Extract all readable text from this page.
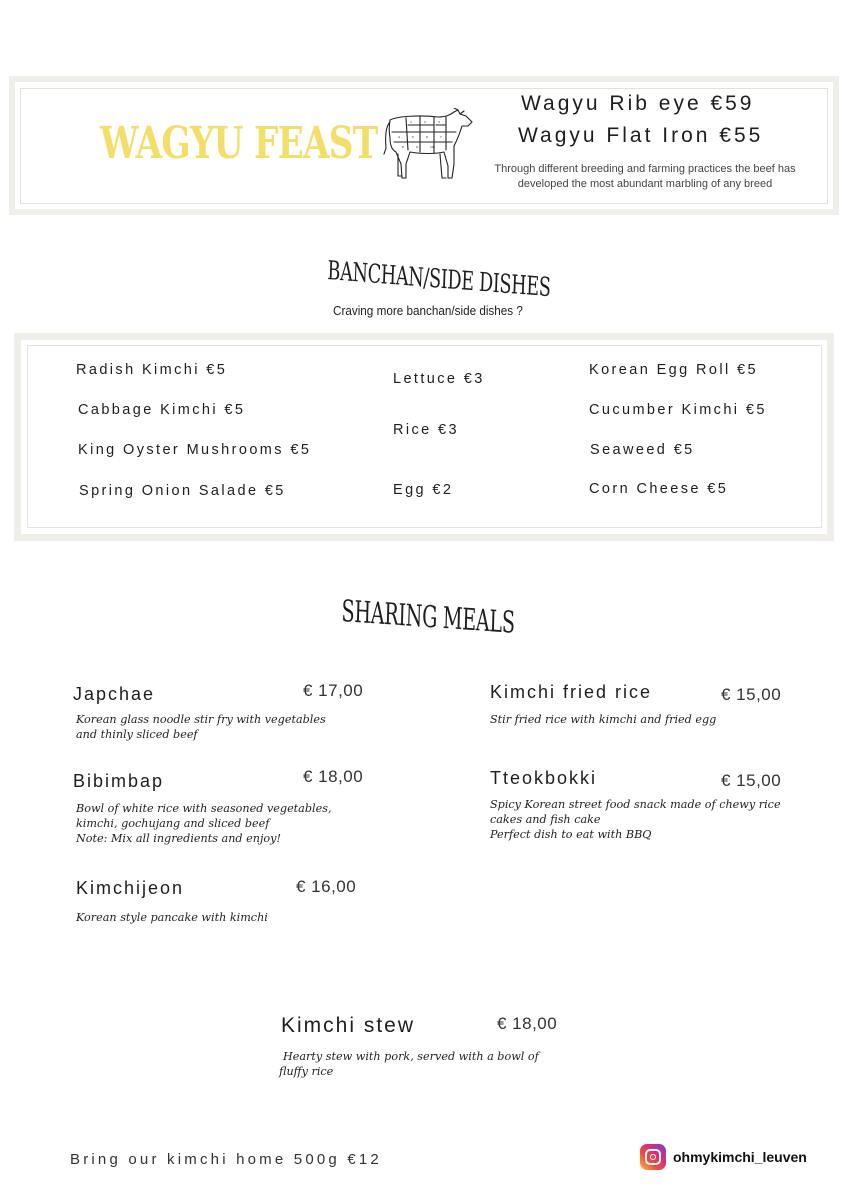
WAGYU FEAST	1	2	3
4	5	6	7
8	9	10
Wagyu Rib eye €59
Wagyu Flat Iron €55
Through different breeding and farming practices the beef has developed the most abundant marbling of any breed
BANCHAN/SIDE DISHES
Craving more banchan/side dishes ?
Radish Kimchi €5
Cabbage Kimchi €5
King Oyster Mushrooms €5
Spring Onion Salade €5
Lettuce €3
Rice €3
Egg €2
Korean Egg Roll €5
Cucumber Kimchi €5
Seaweed €5
Corn Cheese €5
SHARING MEALS
Japchae	€ 17,00
Korean glass noodle stir fry with vegetables and thinly sliced beef
Bibimbap	€ 18,00
Bowl of white rice with seasoned vegetables, kimchi, gochujang and sliced beef
Note: Mix all ingredients and enjoy!
Kimchijeon	€ 16,00
Korean style pancake with kimchi
Kimchi fried rice	€ 15,00
Stir fried rice with kimchi and fried egg
Tteokbokki	€ 15,00
Spicy Korean street food snack made of chewy rice cakes and fish cake
Perfect dish to eat with BBQ
Kimchi stew	€ 18,00
Hearty stew with pork, served with a bowl of fluffy rice
Bring our kimchi home 500g €12	ohmykimchi_leuven
